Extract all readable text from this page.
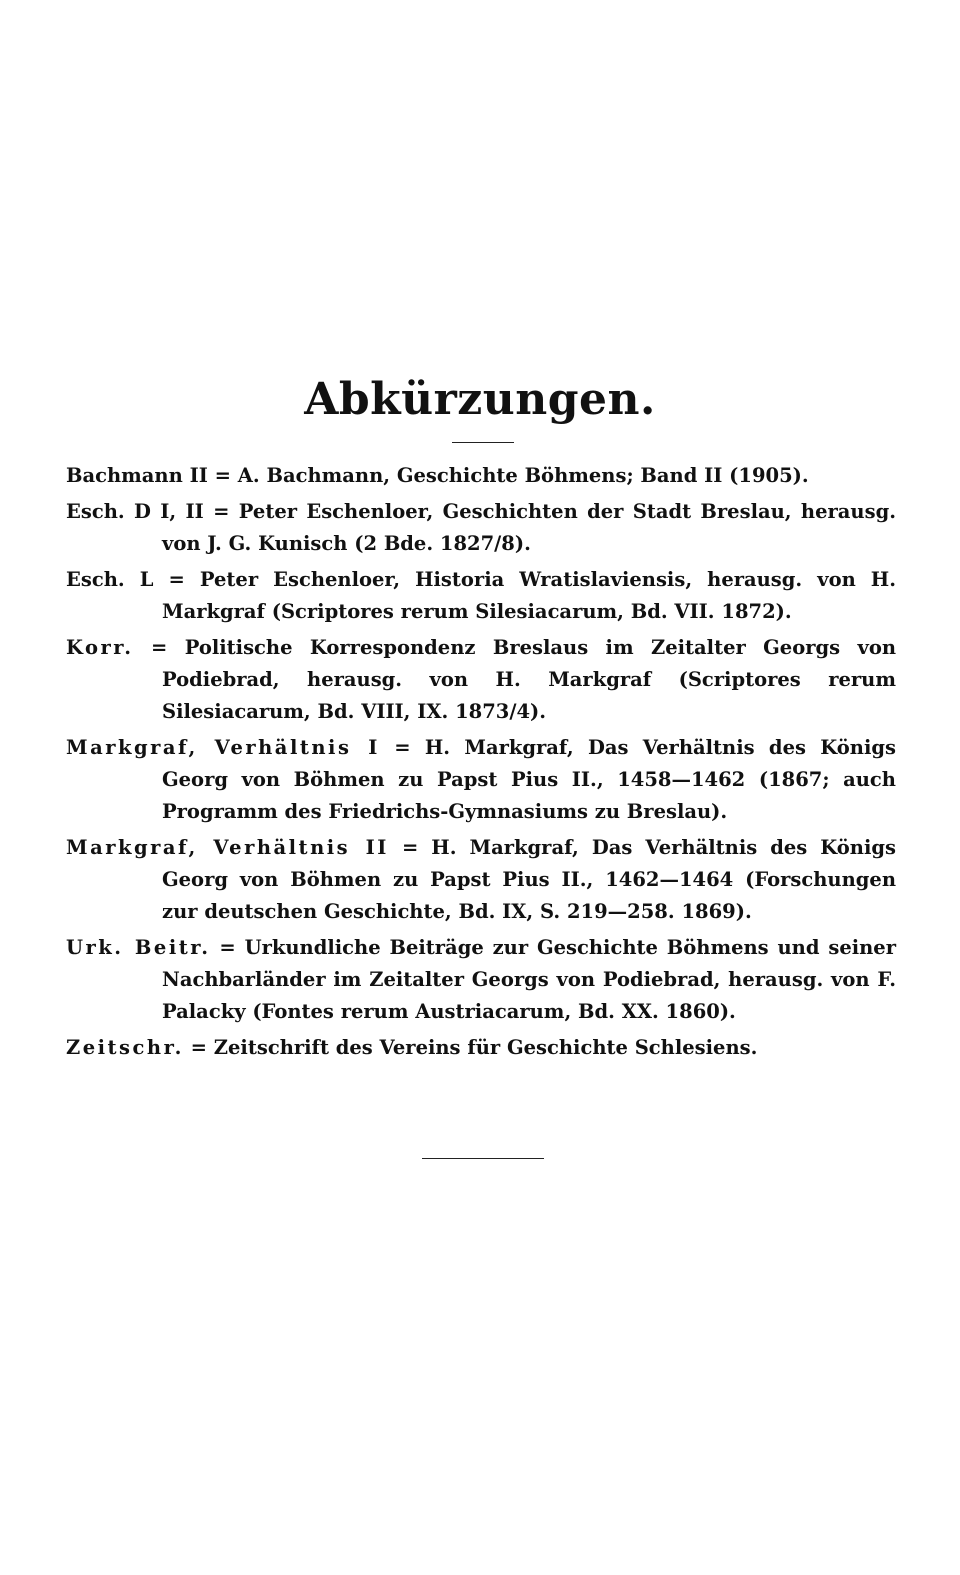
Abkürzungen.

Bachmann II = A. Bachmann, Geschichte Böhmens; Band II (1905).

Esch. D I, II = Peter Eschenloer, Geschichten der Stadt Breslau, herausg. von J. G. Kunisch (2 Bde. 1827/8).

Esch. L = Peter Eschenloer, Historia Wratislaviensis, herausg. von H. Markgraf (Scriptores rerum Silesiacarum, Bd. VII. 1872).

Korr. = Politische Korrespondenz Breslaus im Zeitalter Georgs von Podiebrad, herausg. von H. Markgraf (Scriptores rerum Silesiacarum, Bd. VIII, IX. 1873/4).

Markgraf, Verhältnis I = H. Markgraf, Das Verhältnis des Königs Georg von Böhmen zu Papst Pius II., 1458—1462 (1867; auch Programm des Friedrichs-Gymnasiums zu Breslau).

Markgraf, Verhältnis II = H. Markgraf, Das Verhältnis des Königs Georg von Böhmen zu Papst Pius II., 1462—1464 (Forschungen zur deutschen Geschichte, Bd. IX, S. 219—258. 1869).

Urk. Beitr. = Urkundliche Beiträge zur Geschichte Böhmens und seiner Nachbarländer im Zeitalter Georgs von Podiebrad, herausg. von F. Palacky (Fontes rerum Austriacarum, Bd. XX. 1860).

Zeitschr. = Zeitschrift des Vereins für Geschichte Schlesiens.
